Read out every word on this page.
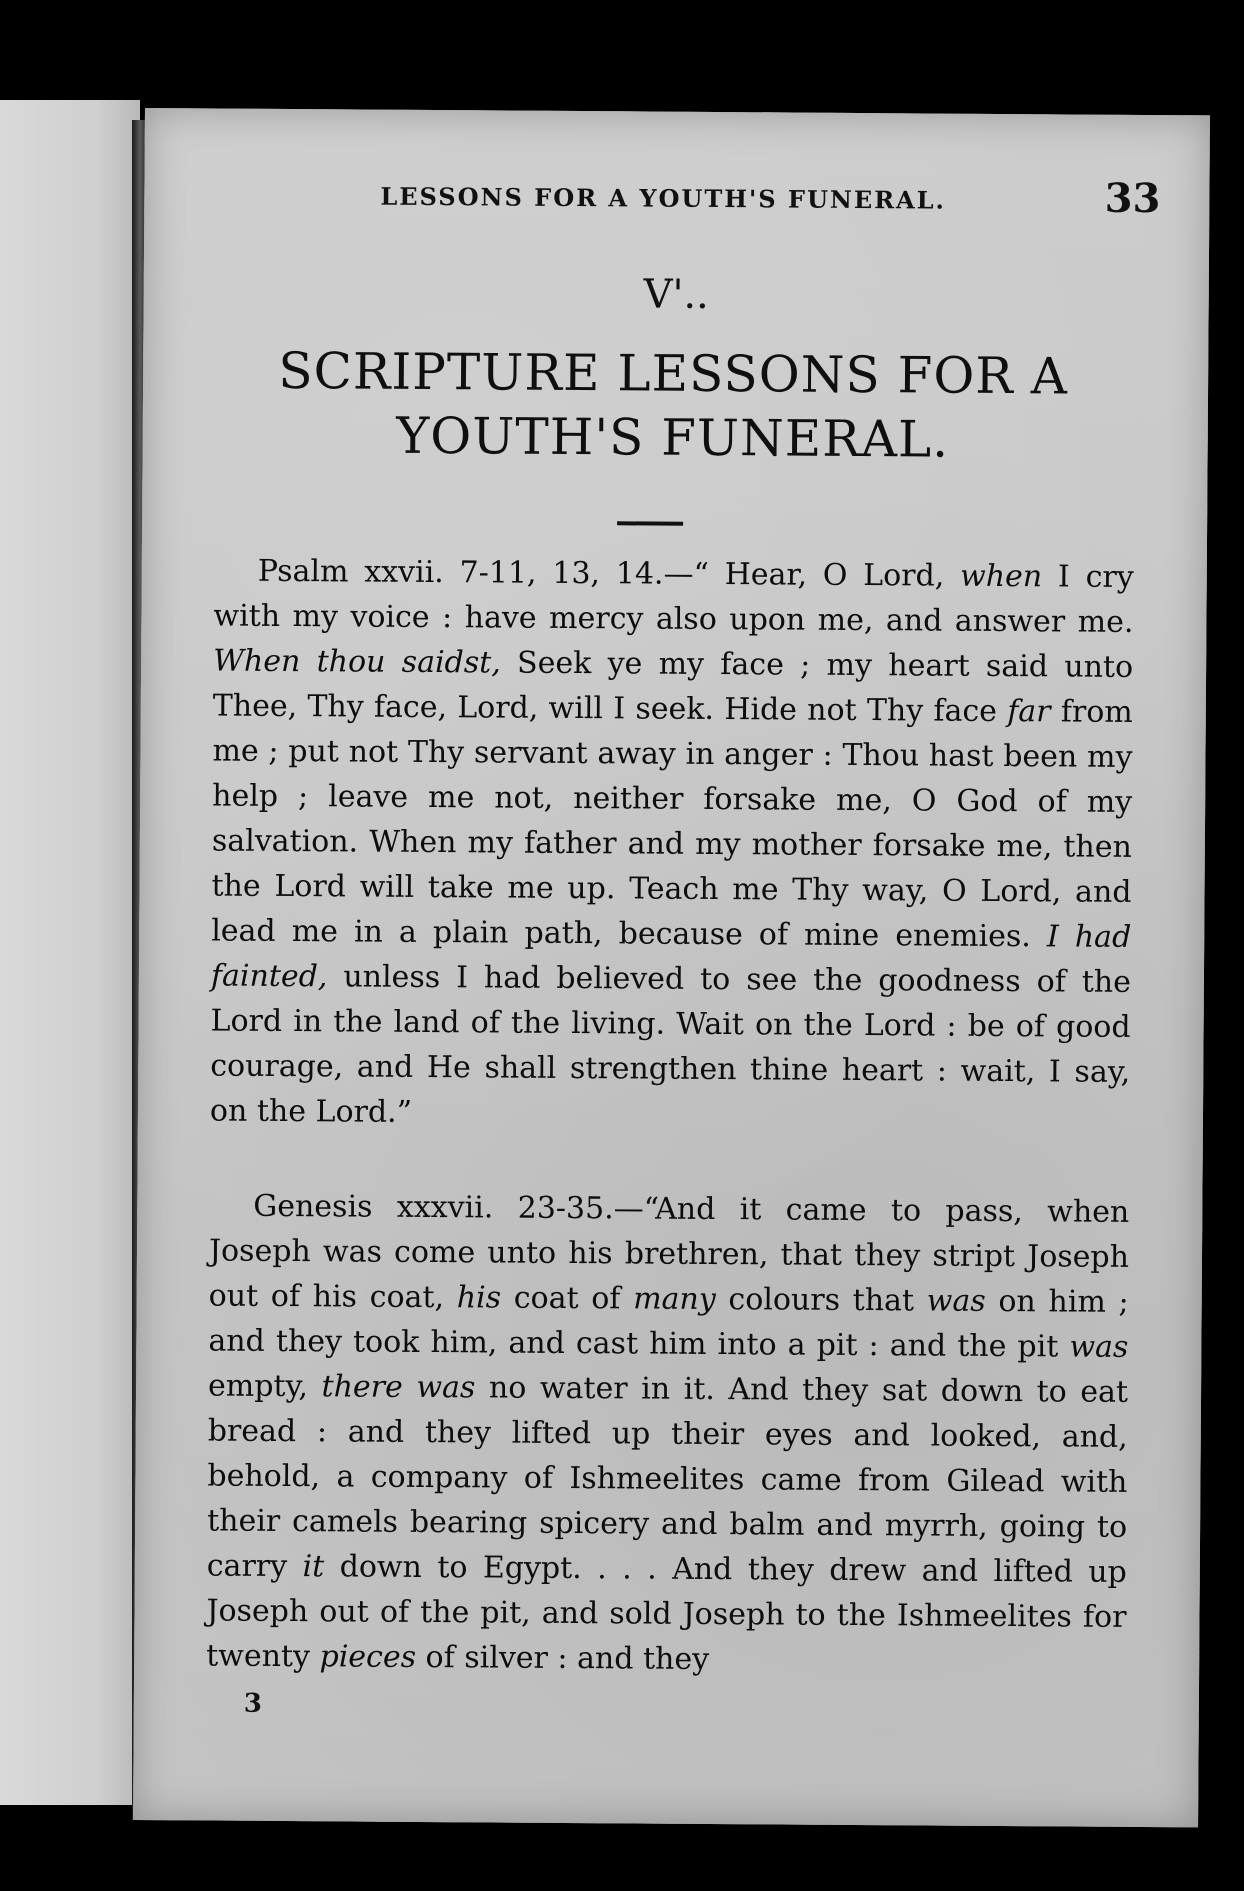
LESSONS FOR A YOUTH'S FUNERAL.	33
V'..
SCRIPTURE LESSONS FOR A
YOUTH'S FUNERAL.
Psalm xxvii. 7-11, 13, 14.—“ Hear, O Lord, when I cry with my voice : have mercy also upon me, and answer me. When thou saidst, Seek ye my face ; my heart said unto Thee, Thy face, Lord, will I seek. Hide not Thy face far from me ; put not Thy servant away in anger : Thou hast been my help ; leave me not, neither forsake me, O God of my salvation. When my father and my mother forsake me, then the Lord will take me up. Teach me Thy way, O Lord, and lead me in a plain path, because of mine enemies. I had fainted, unless I had believed to see the goodness of the Lord in the land of the living. Wait on the Lord : be of good courage, and He shall strengthen thine heart : wait, I say, on the Lord.”
Genesis xxxvii. 23-35.—“And it came to pass, when Joseph was come unto his brethren, that they stript Joseph out of his coat, his coat of many colours that was on him ; and they took him, and cast him into a pit : and the pit was empty, there was no water in it. And they sat down to eat bread : and they lifted up their eyes and looked, and, behold, a company of Ishmeelites came from Gilead with their camels bearing spicery and balm and myrrh, going to carry it down to Egypt. . . . And they drew and lifted up Joseph out of the pit, and sold Joseph to the Ishmeelites for twenty pieces of silver : and they
3
